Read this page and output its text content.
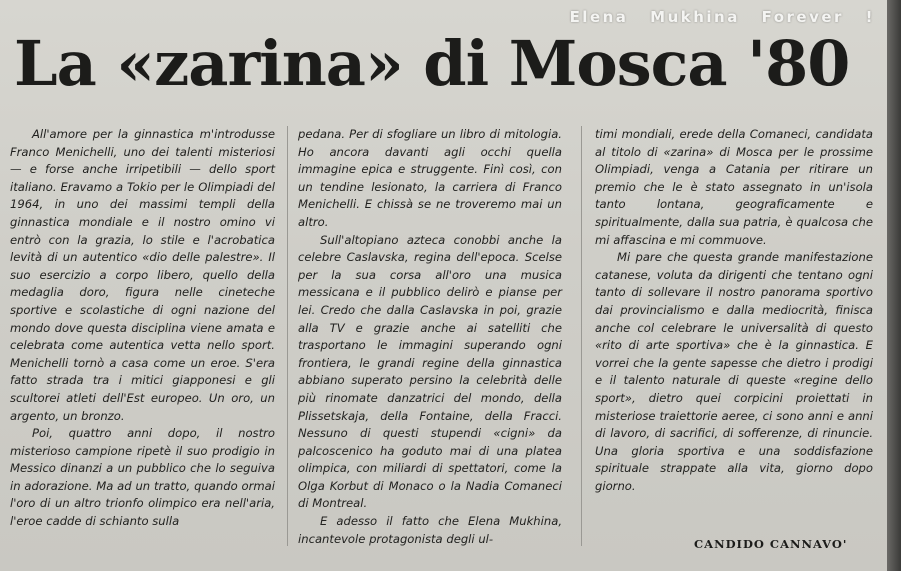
Elena Mukhina Forever !
La «zarina» di Mosca '80

All'amore per la ginnastica m'introdusse Franco Menichelli, uno dei talenti misteriosi — e forse anche irripetibili — dello sport italiano. Eravamo a Tokio per le Olimpiadi del 1964, in uno dei massimi templi della ginnastica mondiale e il nostro omino vi entrò con la grazia, lo stile e l'acrobatica levità di un autentico «dio delle palestre». Il suo esercizio a corpo libero, quello della medaglia doro, figura nelle cineteche sportive e scolastiche di ogni nazione del mondo dove questa disciplina viene amata e celebrata come autentica vetta nello sport. Menichelli tornò a casa come un eroe. S'era fatto strada tra i mitici giapponesi e gli scultorei atleti dell'Est europeo. Un oro, un argento, un bronzo.

Poi, quattro anni dopo, il nostro misterioso campione ripetè il suo prodigio in Messico dinanzi a un pubblico che lo seguiva in adorazione. Ma ad un tratto, quando ormai l'oro di un altro trionfo olimpico era nell'aria, l'eroe cadde di schianto sulla

pedana. Per di sfogliare un libro di mitologia. Ho ancora davanti agli occhi quella immagine epica e struggente. Finì così, con un tendine lesionato, la carriera di Franco Menichelli. E chissà se ne troveremo mai un altro.

Sull'altopiano azteca conobbi anche la celebre Caslavska, regina dell'epoca. Scelse per la sua corsa all'oro una musica messicana e il pubblico delirò e pianse per lei. Credo che dalla Caslavska in poi, grazie alla TV e grazie anche ai satelliti che trasportano le immagini superando ogni frontiera, le grandi regine della ginnastica abbiano superato persino la celebrità delle più rinomate danzatrici del mondo, della Plissetskaja, della Fontaine, della Fracci. Nessuno di questi stupendi «cigni» da palcoscenico ha goduto mai di una platea olimpica, con miliardi di spettatori, come la Olga Korbut di Monaco o la Nadia Comaneci di Montreal.

E adesso il fatto che Elena Mukhina, incantevole protagonista degli ul-

timi mondiali, erede della Comaneci, candidata al titolo di «zarina» di Mosca per le prossime Olimpiadi, venga a Catania per ritirare un premio che le è stato assegnato in un'isola tanto lontana, geograficamente e spiritualmente, dalla sua patria, è qualcosa che mi affascina e mi commuove.

Mi pare che questa grande manifestazione catanese, voluta da dirigenti che tentano ogni tanto di sollevare il nostro panorama sportivo dai provincialismo e dalla mediocrità, finisca anche col celebrare le universalità di questo «rito di arte sportiva» che è la ginnastica. E vorrei che la gente sapesse che dietro i prodigi e il talento naturale di queste «regine dello sport», dietro quei corpicini proiettati in misteriose traiettorie aeree, ci sono anni e anni di lavoro, di sacrifici, di sofferenze, di rinuncie. Una gloria sportiva e una soddisfazione spirituale strappate alla vita, giorno dopo giorno.

CANDIDO CANNAVO'
